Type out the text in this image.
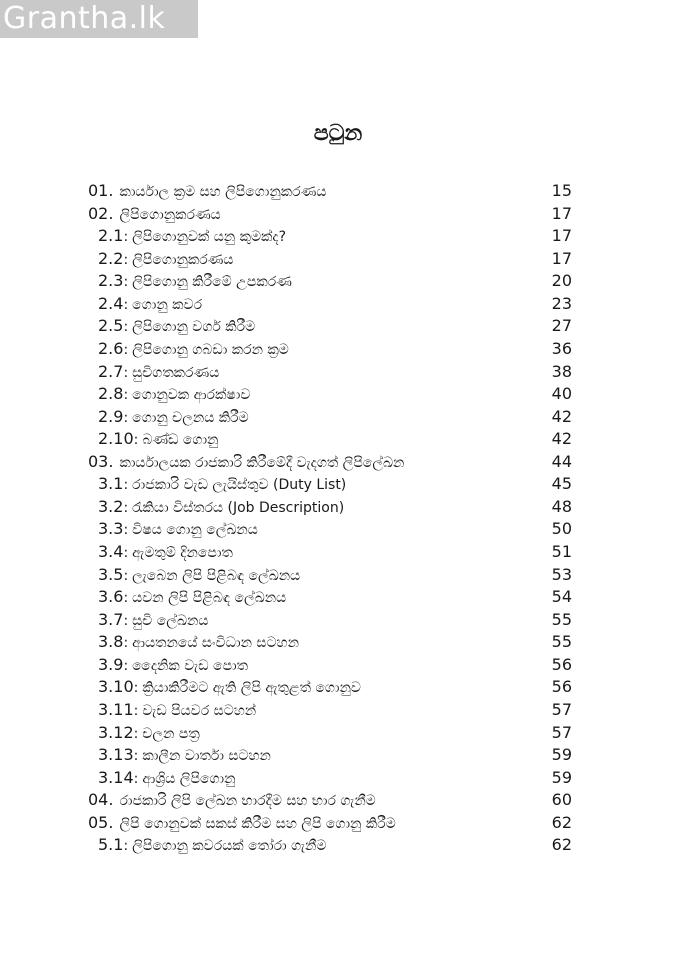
Grantha.lk
පටුන
01. කාර්යාල ක්‍රම සහ ලිපිගොනුකරණය	15
02. ලිපිගොනුකරණය	17
2.1: ලිපිගොනුවක් යනු කුමක්ද?	17
2.2: ලිපිගොනුකරණය	17
2.3: ලිපිගොනු කිරීමේ උපකරණ	20
2.4: ගොනු කවර	23
2.5: ලිපිගොනු වර්ග කිරීම	27
2.6: ලිපිගොනු ගබඩා කරන ක්‍රම	36
2.7: සුචිගතකරණය	38
2.8: ගොනුවක ආරක්ෂාව	40
2.9: ගොනු චලනය කිරීම	42
2.10: බණ්ඩ ගොනු	42
03. කාර්යාලයක රාජකාරි කිරීමේදී වැදගත් ලිපිලේඛන	44
3.1: රාජකාරි වැඩ ලැයිස්තුව (Duty List)	45
3.2: රැකියා විස්තරය (Job Description)	48
3.3: විෂය ගොනු ලේඛනය	50
3.4: ඇමතුම් දිනපොත	51
3.5: ලැබෙන ලිපි පිළිබඳ ලේඛනය	53
3.6: යවන ලිපි පිළිබඳ ලේඛනය	54
3.7: සුචි ලේඛනය	55
3.8: ආයතනයේ සංවිධාන සටහන	55
3.9: දෛනික වැඩ පොත	56
3.10: ක්‍රියාකිරීමට ඇති ලිපි ඇතුළත් ගොනුව	56
3.11: වැඩ පියවර සටහන්	57
3.12: චලන පත්‍ර	57
3.13: කාලීන වාර්තා සටහන	59
3.14: ආශ්‍රිය ලිපිගොනු	59
04. රාජකාරි ලිපි ලේඛන භාරදීම සහ භාර ගැනීම	60
05. ලිපි ගොනුවක් සකස් කිරීම සහ ලිපි ගොනු කිරීම	62
5.1: ලිපිගොනු කවරයක් තෝරා ගැනීම	62
